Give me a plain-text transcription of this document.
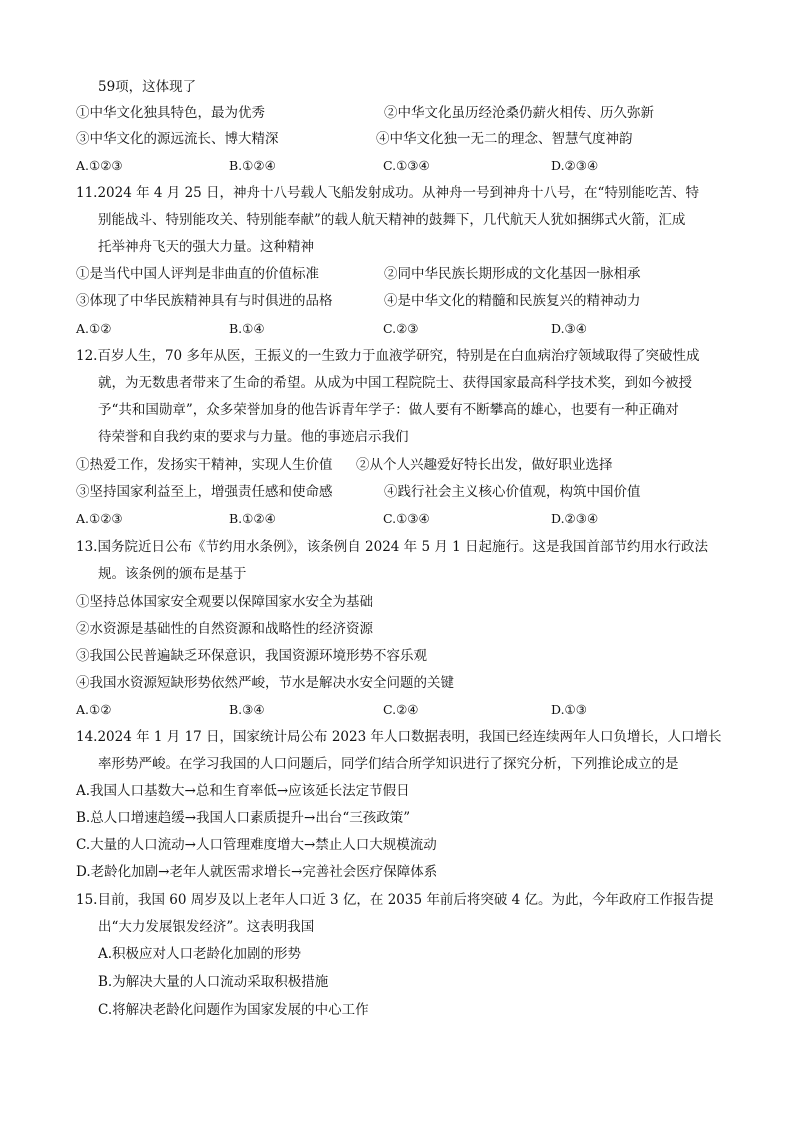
59项，这体现了
①中华文化独具特色，最为优秀	②中华文化虽历经沧桑仍薪火相传、历久弥新
③中华文化的源远流长、博大精深	④中华文化独一无二的理念、智慧气度神韵
A.①②③	B.①②④	C.①③④	D.②③④
11.2024 年 4 月 25 日，神舟十八号载人飞船发射成功。从神舟一号到神舟十八号，在“特别能吃苦、特
别能战斗、特别能攻关、特别能奉献”的载人航天精神的鼓舞下，几代航天人犹如捆绑式火箭，汇成
托举神舟飞天的强大力量。这种精神
①是当代中国人评判是非曲直的价值标准	②同中华民族长期形成的文化基因一脉相承
③体现了中华民族精神具有与时俱进的品格	④是中华文化的精髓和民族复兴的精神动力
A.①②	B.①④	C.②③	D.③④
12.百岁人生，70 多年从医，王振义的一生致力于血液学研究，特别是在白血病治疗领域取得了突破性成
就，为无数患者带来了生命的希望。从成为中国工程院院士、获得国家最高科学技术奖，到如今被授
予“共和国勋章”，众多荣誉加身的他告诉青年学子：做人要有不断攀高的雄心，也要有一种正确对
待荣誉和自我约束的要求与力量。他的事迹启示我们
①热爱工作，发扬实干精神，实现人生价值 ②从个人兴趣爱好特长出发，做好职业选择
③坚持国家利益至上，增强责任感和使命感	④践行社会主义核心价值观，构筑中国价值
A.①②③	B.①②④	C.①③④	D.②③④
13.国务院近日公布《节约用水条例》，该条例自 2024 年 5 月 1 日起施行。这是我国首部节约用水行政法
规。该条例的颁布是基于
①坚持总体国家安全观要以保障国家水安全为基础
②水资源是基础性的自然资源和战略性的经济资源
③我国公民普遍缺乏环保意识，我国资源环境形势不容乐观
④我国水资源短缺形势依然严峻，节水是解决水安全问题的关键
A.①②	B.③④	C.②④	D.①③
14.2024 年 1 月 17 日，国家统计局公布 2023 年人口数据表明，我国已经连续两年人口负增长，人口增长
率形势严峻。在学习我国的人口问题后，同学们结合所学知识进行了探究分析，下列推论成立的是
A.我国人口基数大→总和生育率低→应该延长法定节假日
B.总人口增速趋缓→我国人口素质提升→出台“三孩政策”
C.大量的人口流动→人口管理难度增大→禁止人口大规模流动
D.老龄化加剧→老年人就医需求增长→完善社会医疗保障体系
15.目前，我国 60 周岁及以上老年人口近 3 亿，在 2035 年前后将突破 4 亿。为此，今年政府工作报告提
出“大力发展银发经济”。这表明我国
A.积极应对人口老龄化加剧的形势
B.为解决大量的人口流动采取积极措施
C.将解决老龄化问题作为国家发展的中心工作
